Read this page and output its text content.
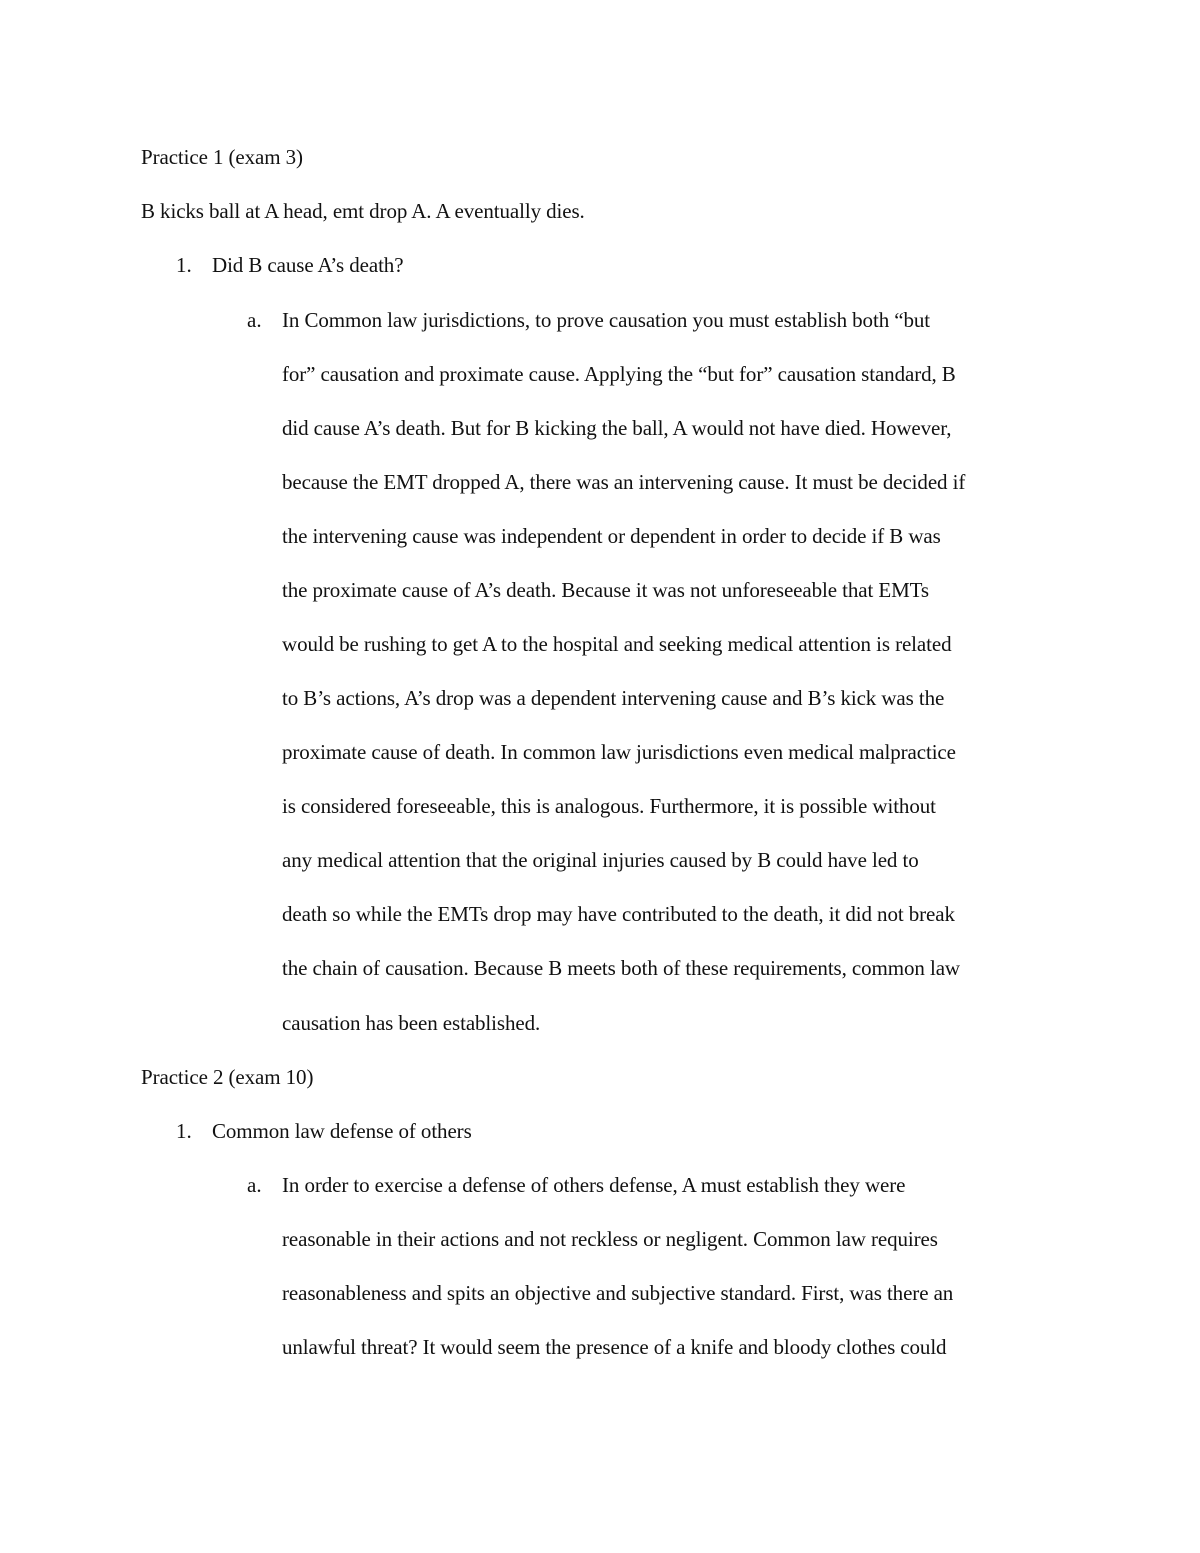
Practice 1 (exam 3)
B kicks ball at A head, emt drop A. A eventually dies.
1. Did B cause A’s death?
a. In Common law jurisdictions, to prove causation you must establish both “but
for” causation and proximate cause. Applying the “but for” causation standard, B
did cause A’s death. But for B kicking the ball, A would not have died. However,
because the EMT dropped A, there was an intervening cause. It must be decided if
the intervening cause was independent or dependent in order to decide if B was
the proximate cause of A’s death. Because it was not unforeseeable that EMTs
would be rushing to get A to the hospital and seeking medical attention is related
to B’s actions, A’s drop was a dependent intervening cause and B’s kick was the
proximate cause of death. In common law jurisdictions even medical malpractice
is considered foreseeable, this is analogous. Furthermore, it is possible without
any medical attention that the original injuries caused by B could have led to
death so while the EMTs drop may have contributed to the death, it did not break
the chain of causation. Because B meets both of these requirements, common law
causation has been established.
Practice 2 (exam 10)
1. Common law defense of others
a. In order to exercise a defense of others defense, A must establish they were
reasonable in their actions and not reckless or negligent. Common law requires
reasonableness and spits an objective and subjective standard. First, was there an
unlawful threat? It would seem the presence of a knife and bloody clothes could
